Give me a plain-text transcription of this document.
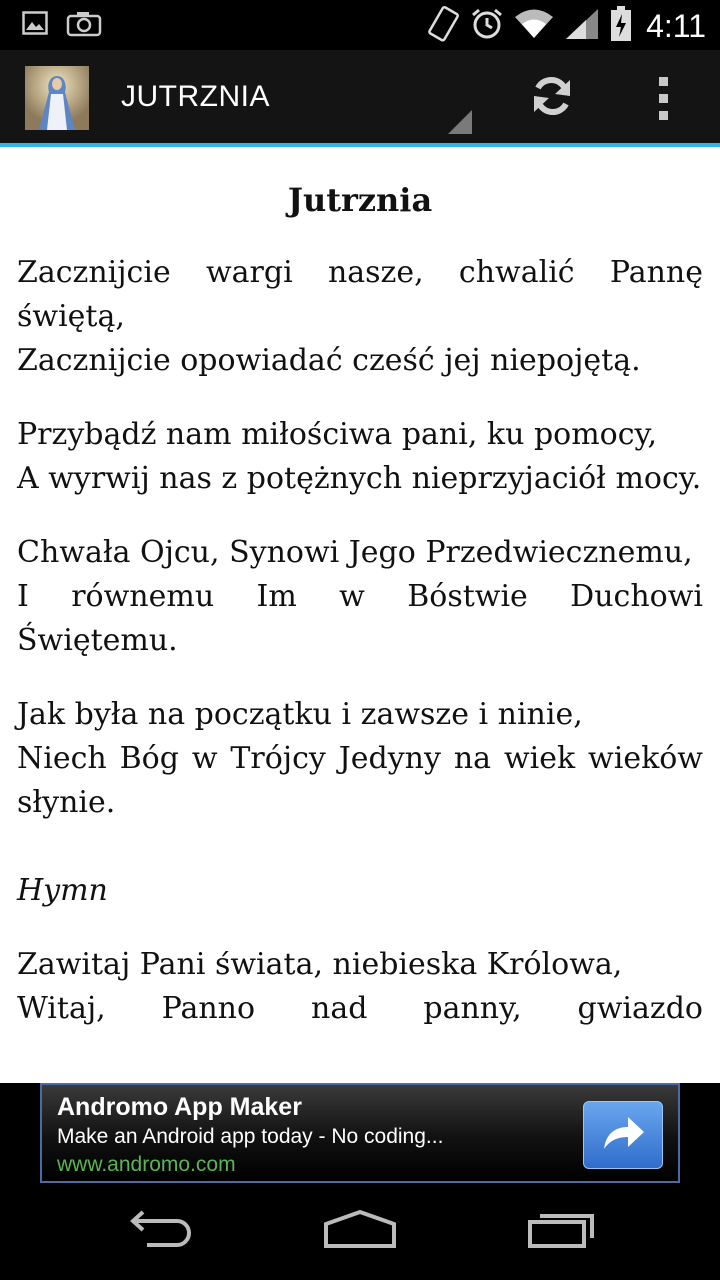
4:11
JUTRZNIA
Jutrznia

Zacznijcie wargi nasze, chwalić Pannę świętą,

Zacznijcie opowiadać cześć jej niepojętą.

Przybądź nam miłościwa pani, ku pomocy,

A wyrwij nas z potężnych nieprzyjaciół mocy.

Chwała Ojcu, Synowi Jego Przedwiecznemu,

I równemu Im w Bóstwie Duchowi Świętemu.

Jak była na początku i zawsze i ninie,

Niech Bóg w Trójcy Jedyny na wiek wieków słynie.

Hymn

Zawitaj Pani świata, niebieska Królowa,

Witaj, Panno nad panny, gwiazdo

Andromo App Maker
Make an Android app today - No coding...
www.andromo.com
